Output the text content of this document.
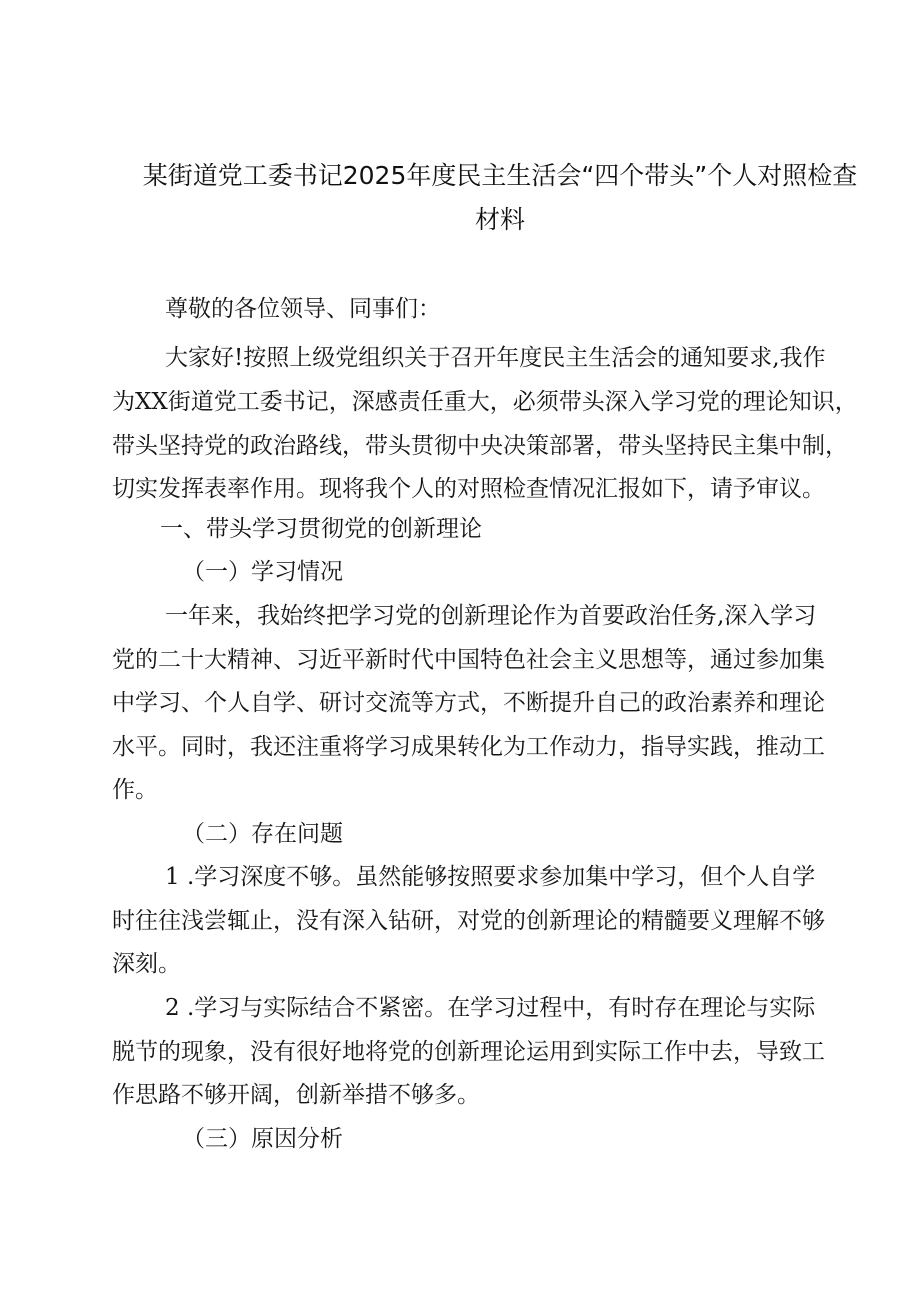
某街道党工委书记2025年度民主生活会“四个带头”个人对照检查
材料
尊敬的各位领导、同事们：
大家好!按照上级党组织关于召开年度民主生活会的通知要求,我作
为XX街道党工委书记，深感责任重大，必须带头深入学习党的理论知识，
带头坚持党的政治路线，带头贯彻中央决策部署，带头坚持民主集中制，
切实发挥表率作用。现将我个人的对照检查情况汇报如下，请予审议。
一、带头学习贯彻党的创新理论
（一）学习情况
一年来，我始终把学习党的创新理论作为首要政治任务,深入学习
党的二十大精神、习近平新时代中国特色社会主义思想等，通过参加集
中学习、个人自学、研讨交流等方式，不断提升自己的政治素养和理论
水平。同时，我还注重将学习成果转化为工作动力，指导实践，推动工
作。
（二）存在问题
1 .学习深度不够。虽然能够按照要求参加集中学习，但个人自学
时往往浅尝辄止，没有深入钻研，对党的创新理论的精髓要义理解不够
深刻。
2 .学习与实际结合不紧密。在学习过程中，有时存在理论与实际
脱节的现象，没有很好地将党的创新理论运用到实际工作中去，导致工
作思路不够开阔，创新举措不够多。
（三）原因分析
